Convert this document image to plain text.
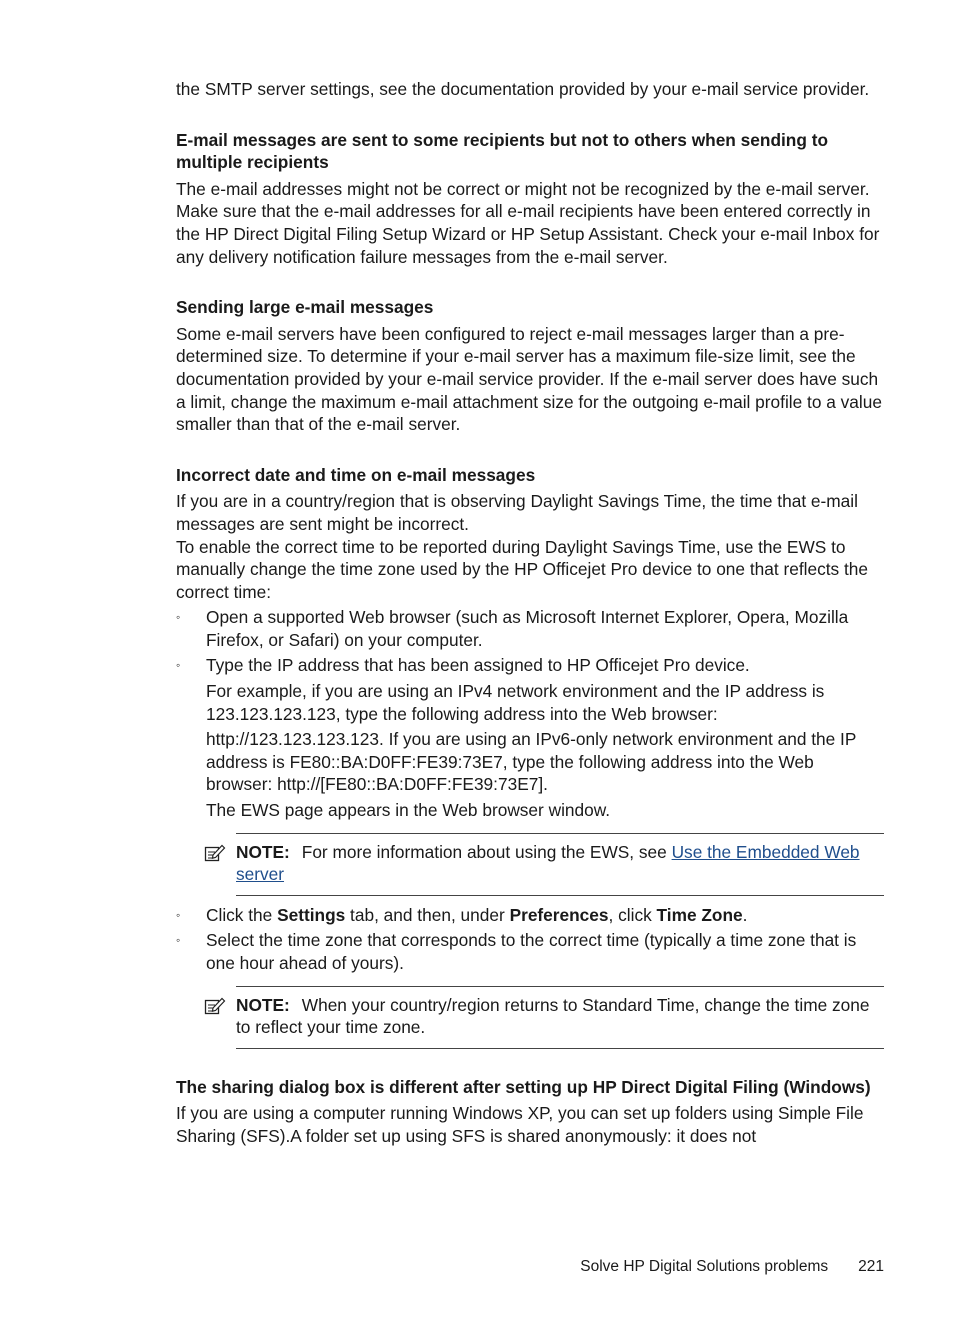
the SMTP server settings, see the documentation provided by your e-mail service provider.

E-mail messages are sent to some recipients but not to others when sending to multiple recipients

The e-mail addresses might not be correct or might not be recognized by the e-mail server. Make sure that the e-mail addresses for all e-mail recipients have been entered correctly in the HP Direct Digital Filing Setup Wizard or HP Setup Assistant. Check your e-mail Inbox for any delivery notification failure messages from the e-mail server.

Sending large e-mail messages

Some e-mail servers have been configured to reject e-mail messages larger than a pre-determined size. To determine if your e-mail server has a maximum file-size limit, see the documentation provided by your e-mail service provider. If the e-mail server does have such a limit, change the maximum e-mail attachment size for the outgoing e-mail profile to a value smaller than that of the e-mail server.

Incorrect date and time on e-mail messages

If you are in a country/region that is observing Daylight Savings Time, the time that e-mail messages are sent might be incorrect.

To enable the correct time to be reported during Daylight Savings Time, use the EWS to manually change the time zone used by the HP Officejet Pro device to one that reflects the correct time:

◦	Open a supported Web browser (such as Microsoft Internet Explorer, Opera, Mozilla Firefox, or Safari) on your computer.
◦	Type the IP address that has been assigned to HP Officejet Pro device.

For example, if you are using an IPv4 network environment and the IP address is 123.123.123.123, type the following address into the Web browser:

http://123.123.123.123. If you are using an IPv6-only network environment and the IP address is FE80::BA:D0FF:FE39:73E7, type the following address into the Web browser: http://[FE80::BA:D0FF:FE39:73E7].

The EWS page appears in the Web browser window.

NOTE: For more information about using the EWS, see Use the Embedded Web server
◦	Click the Settings tab, and then, under Preferences, click Time Zone.
◦	Select the time zone that corresponds to the correct time (typically a time zone that is one hour ahead of yours).
NOTE: When your country/region returns to Standard Time, change the time zone to reflect your time zone.

The sharing dialog box is different after setting up HP Direct Digital Filing (Windows)

If you are using a computer running Windows XP, you can set up folders using Simple File Sharing (SFS).A folder set up using SFS is shared anonymously: it does not

Solve HP Digital Solutions problems 221
